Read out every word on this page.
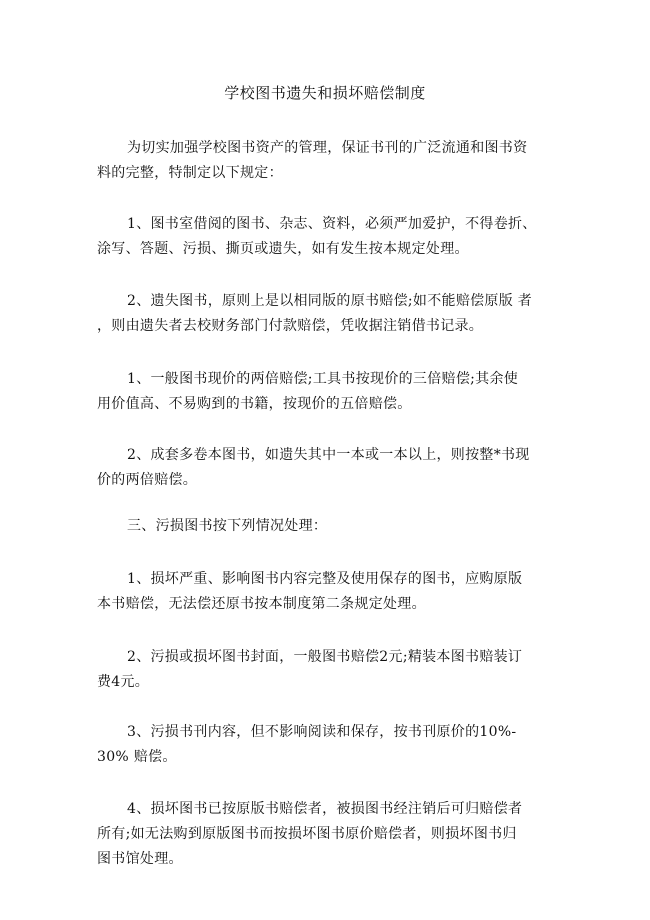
学校图书遗失和损坏赔偿制度

为切实加强学校图书资产的管理，保证书刊的广泛流通和图书资
料的完整，特制定以下规定：

1、图书室借阅的图书、杂志、资料，必须严加爱护，不得卷折、
涂写、答题、污损、撕页或遗失，如有发生按本规定处理。

2、遗失图书，原则上是以相同版的原书赔偿;如不能赔偿原版 者
，则由遗失者去校财务部门付款赔偿，凭收据注销借书记录。

1、一般图书现价的两倍赔偿;工具书按现价的三倍赔偿;其余使
用价值高、不易购到的书籍，按现价的五倍赔偿。

2、成套多卷本图书，如遗失其中一本或一本以上，则按整*书现
价的两倍赔偿。

三、污损图书按下列情况处理：

1、损坏严重、影响图书内容完整及使用保存的图书，应购原版
本书赔偿，无法偿还原书按本制度第二条规定处理。

2、污损或损坏图书封面，一般图书赔偿2元;精装本图书赔装订
费4元。

3、污损书刊内容，但不影响阅读和保存，按书刊原价的10%-
30% 赔偿。

4、损坏图书已按原版书赔偿者，被损图书经注销后可归赔偿者
所有;如无法购到原版图书而按损坏图书原价赔偿者，则损坏图书归
图书馆处理。
